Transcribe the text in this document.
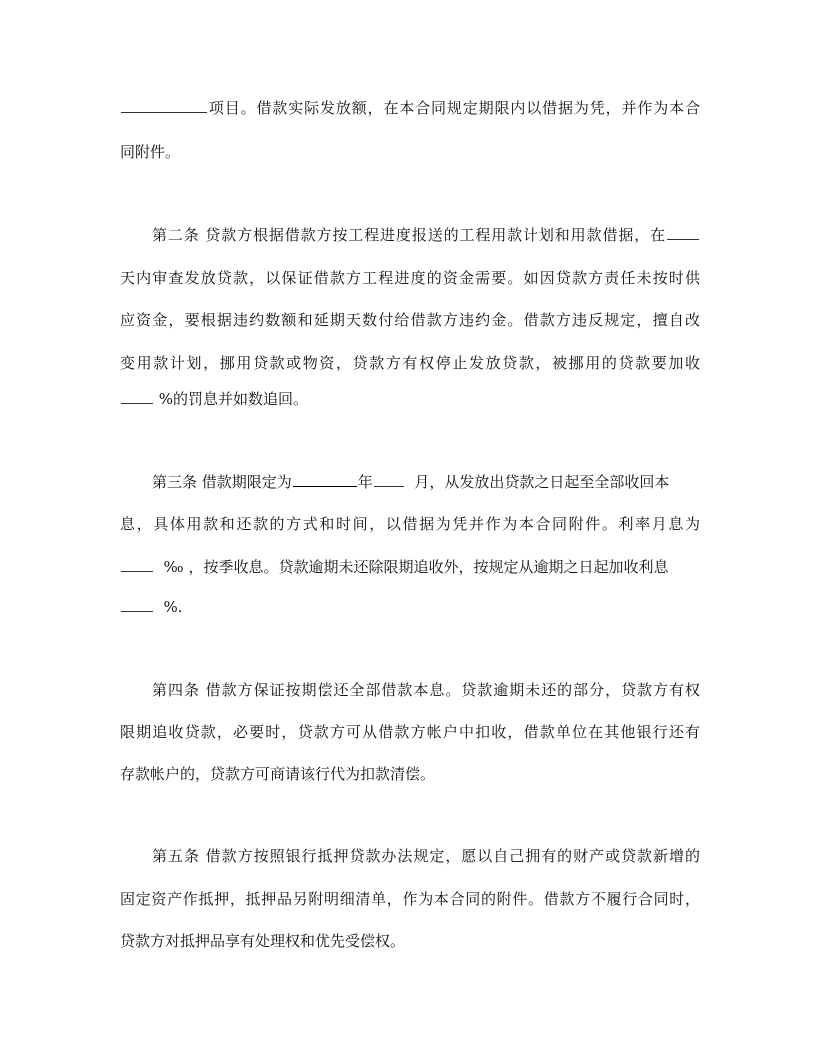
项目。借款实际发放额，在本合同规定期限内以借据为凭，并作为本合
同附件。
第二条 贷款方根据借款方按工程进度报送的工程用款计划和用款借据，在
天内审查发放贷款，以保证借款方工程进度的资金需要。如因贷款方责任未按时供
应资金，要根据违约数额和延期天数付给借款方违约金。借款方违反规定，擅自改
变用款计划，挪用贷款或物资，贷款方有权停止发放贷款，被挪用的贷款要加收
%的罚息并如数追回。
第三条 借款期限定为	年	月，从发放出贷款之日起至全部收回本
息，具体用款和还款的方式和时间，以借据为凭并作为本合同附件。利率月息为
‰ ，按季收息。贷款逾期未还除限期追收外，按规定从逾期之日起加收利息
%.
第四条 借款方保证按期偿还全部借款本息。贷款逾期未还的部分，贷款方有权
限期追收贷款，必要时，贷款方可从借款方帐户中扣收，借款单位在其他银行还有
存款帐户的，贷款方可商请该行代为扣款清偿。
第五条 借款方按照银行抵押贷款办法规定，愿以自己拥有的财产或贷款新增的
固定资产作抵押，抵押品另附明细清单，作为本合同的附件。借款方不履行合同时，
贷款方对抵押品享有处理权和优先受偿权。
